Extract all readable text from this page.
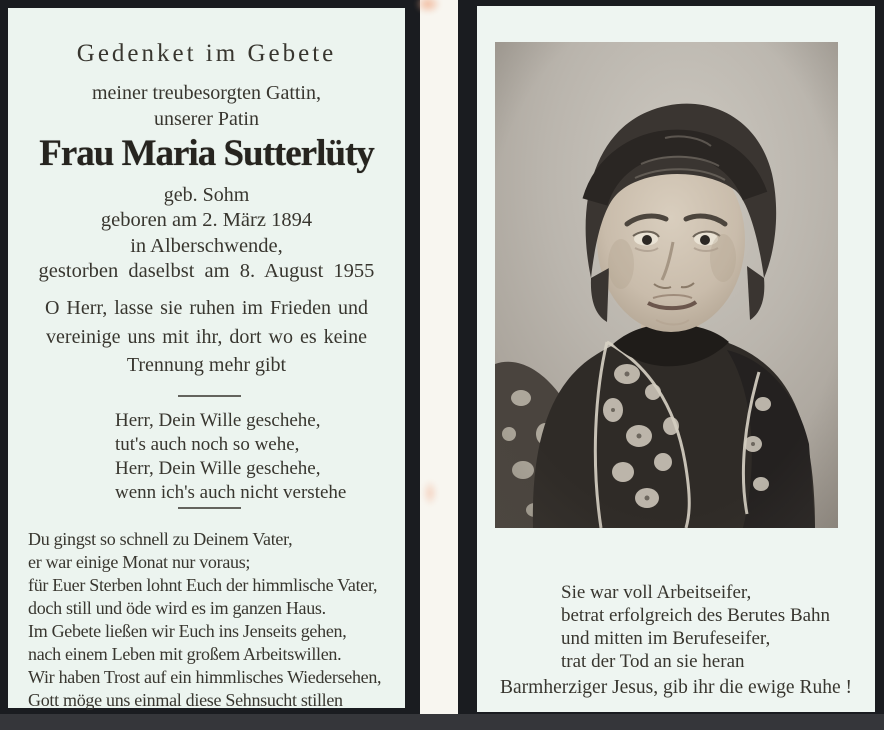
Gedenket im Gebete
meiner treubesorgten Gattin,
unserer Patin
Frau Maria Sutterlüty
geb. Sohm
geboren am 2. März 1894
in Alberschwende,
gestorben daselbst am 8. August 1955
O Herr, lasse sie ruhen im Frieden und
vereinige uns mit ihr, dort wo es keine
Trennung mehr gibt
Herr, Dein Wille geschehe,
tut's auch noch so wehe,
Herr, Dein Wille geschehe,
wenn ich's auch nicht verstehe
Du gingst so schnell zu Deinem Vater,
er war einige Monat nur voraus;
für Euer Sterben lohnt Euch der himmlische Vater,
doch still und öde wird es im ganzen Haus.
Im Gebete ließen wir Euch ins Jenseits gehen,
nach einem Leben mit großem Arbeitswillen.
Wir haben Trost auf ein himmlisches Wiedersehen,
Gott möge uns einmal diese Sehnsucht stillen
Sie war voll Arbeitseifer,
betrat erfolgreich des Berutes Bahn
und mitten im Berufeseifer,
trat der Tod an sie heran
Barmherziger Jesus, gib ihr die ewige Ruhe !
